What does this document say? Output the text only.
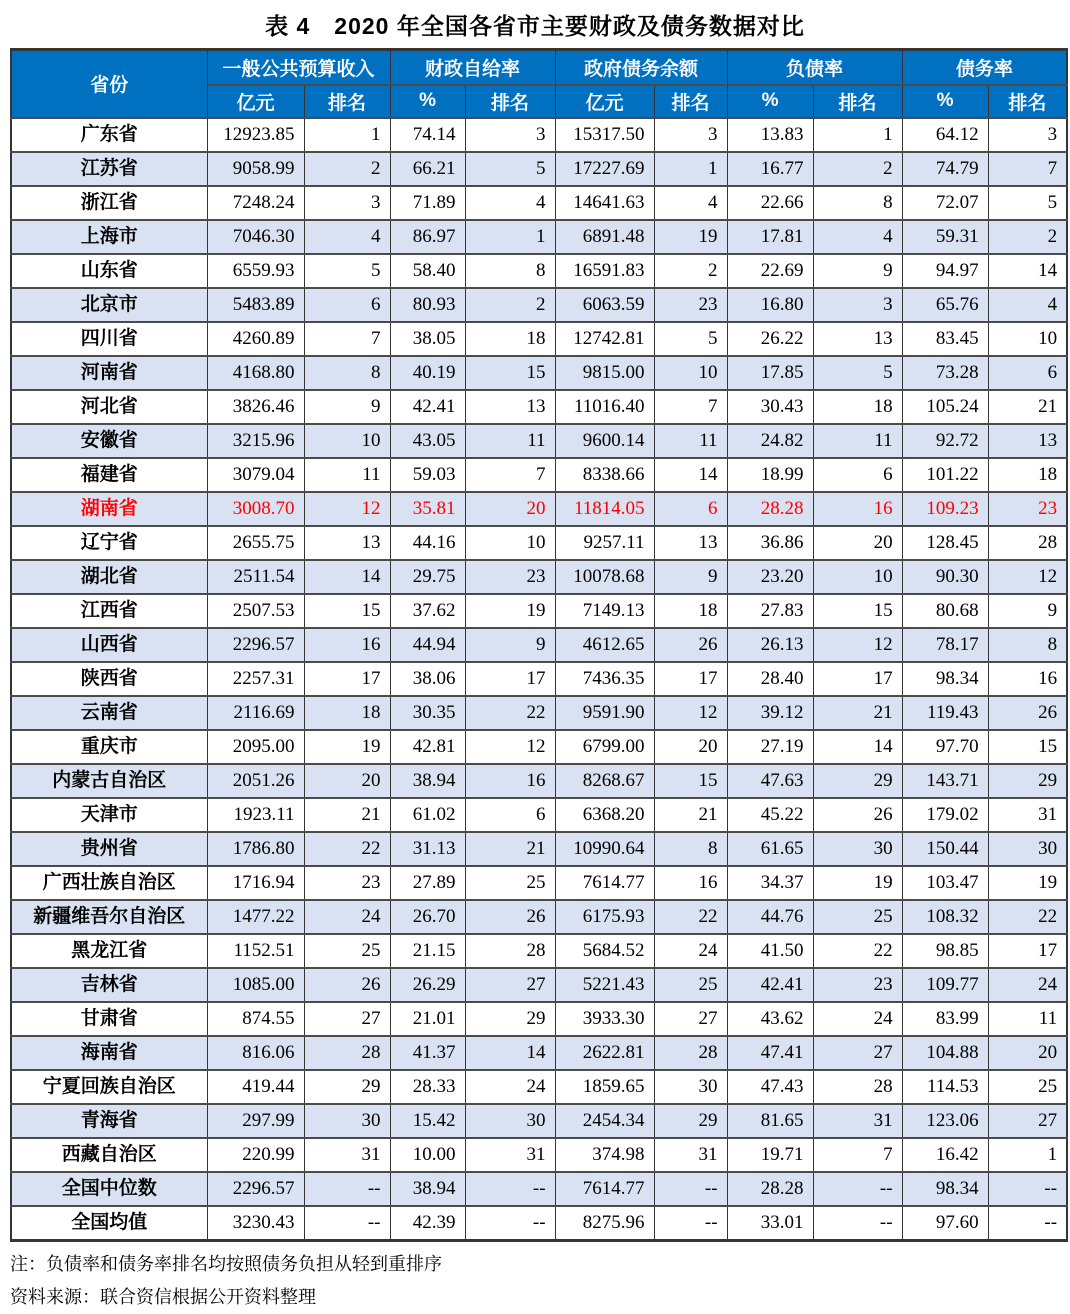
表 4　2020 年全国各省市主要财政及债务数据对比
省份	一般公共预算收入		财政自给率		政府债务余额		负债率		债务率	
	亿元	排名	%	排名	亿元	排名	%	排名	%	排名
广东省	12923.85	1	74.14	3	15317.50	3	13.83	1	64.12	3
江苏省	9058.99	2	66.21	5	17227.69	1	16.77	2	74.79	7
浙江省	7248.24	3	71.89	4	14641.63	4	22.66	8	72.07	5
上海市	7046.30	4	86.97	1	6891.48	19	17.81	4	59.31	2
山东省	6559.93	5	58.40	8	16591.83	2	22.69	9	94.97	14
北京市	5483.89	6	80.93	2	6063.59	23	16.80	3	65.76	4
四川省	4260.89	7	38.05	18	12742.81	5	26.22	13	83.45	10
河南省	4168.80	8	40.19	15	9815.00	10	17.85	5	73.28	6
河北省	3826.46	9	42.41	13	11016.40	7	30.43	18	105.24	21
安徽省	3215.96	10	43.05	11	9600.14	11	24.82	11	92.72	13
福建省	3079.04	11	59.03	7	8338.66	14	18.99	6	101.22	18
湖南省	3008.70	12	35.81	20	11814.05	6	28.28	16	109.23	23
辽宁省	2655.75	13	44.16	10	9257.11	13	36.86	20	128.45	28
湖北省	2511.54	14	29.75	23	10078.68	9	23.20	10	90.30	12
江西省	2507.53	15	37.62	19	7149.13	18	27.83	15	80.68	9
山西省	2296.57	16	44.94	9	4612.65	26	26.13	12	78.17	8
陕西省	2257.31	17	38.06	17	7436.35	17	28.40	17	98.34	16
云南省	2116.69	18	30.35	22	9591.90	12	39.12	21	119.43	26
重庆市	2095.00	19	42.81	12	6799.00	20	27.19	14	97.70	15
内蒙古自治区	2051.26	20	38.94	16	8268.67	15	47.63	29	143.71	29
天津市	1923.11	21	61.02	6	6368.20	21	45.22	26	179.02	31
贵州省	1786.80	22	31.13	21	10990.64	8	61.65	30	150.44	30
广西壮族自治区	1716.94	23	27.89	25	7614.77	16	34.37	19	103.47	19
新疆维吾尔自治区	1477.22	24	26.70	26	6175.93	22	44.76	25	108.32	22
黑龙江省	1152.51	25	21.15	28	5684.52	24	41.50	22	98.85	17
吉林省	1085.00	26	26.29	27	5221.43	25	42.41	23	109.77	24
甘肃省	874.55	27	21.01	29	3933.30	27	43.62	24	83.99	11
海南省	816.06	28	41.37	14	2622.81	28	47.41	27	104.88	20
宁夏回族自治区	419.44	29	28.33	24	1859.65	30	47.43	28	114.53	25
青海省	297.99	30	15.42	30	2454.34	29	81.65	31	123.06	27
西藏自治区	220.99	31	10.00	31	374.98	31	19.71	7	16.42	1
全国中位数	2296.57	--	38.94	--	7614.77	--	28.28	--	98.34	--
全国均值	3230.43	--	42.39	--	8275.96	--	33.01	--	97.60	--
注：负债率和债务率排名均按照债务负担从轻到重排序
资料来源：联合资信根据公开资料整理
